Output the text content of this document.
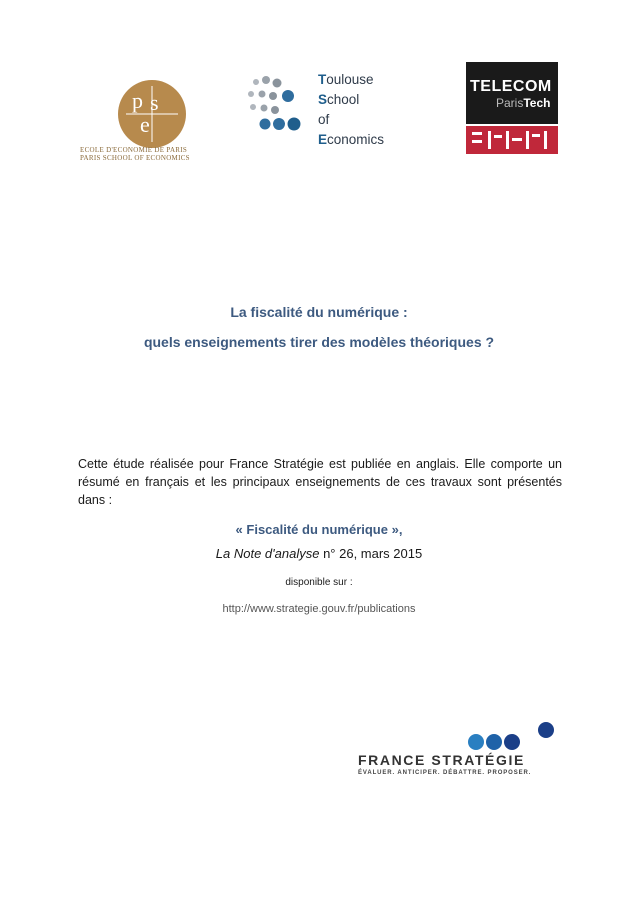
p s
e
ECOLE D'ECONOMIE DE PARIS
PARIS SCHOOL OF ECONOMICS
Toulouse
School
of Economics
TELECOM
ParisTech
La fiscalité du numérique :
quels enseignements tirer des modèles théoriques ?

Cette étude réalisée pour France Stratégie est publiée en anglais. Elle comporte un résumé en français et les principaux enseignements de ces travaux sont présentés dans :

« Fiscalité du numérique »,
La Note d'analyse n° 26, mars 2015
disponible sur :
http://www.strategie.gouv.fr/publications
FRANCE STRATÉGIE
ÉVALUER. ANTICIPER. DÉBATTRE. PROPOSER.
